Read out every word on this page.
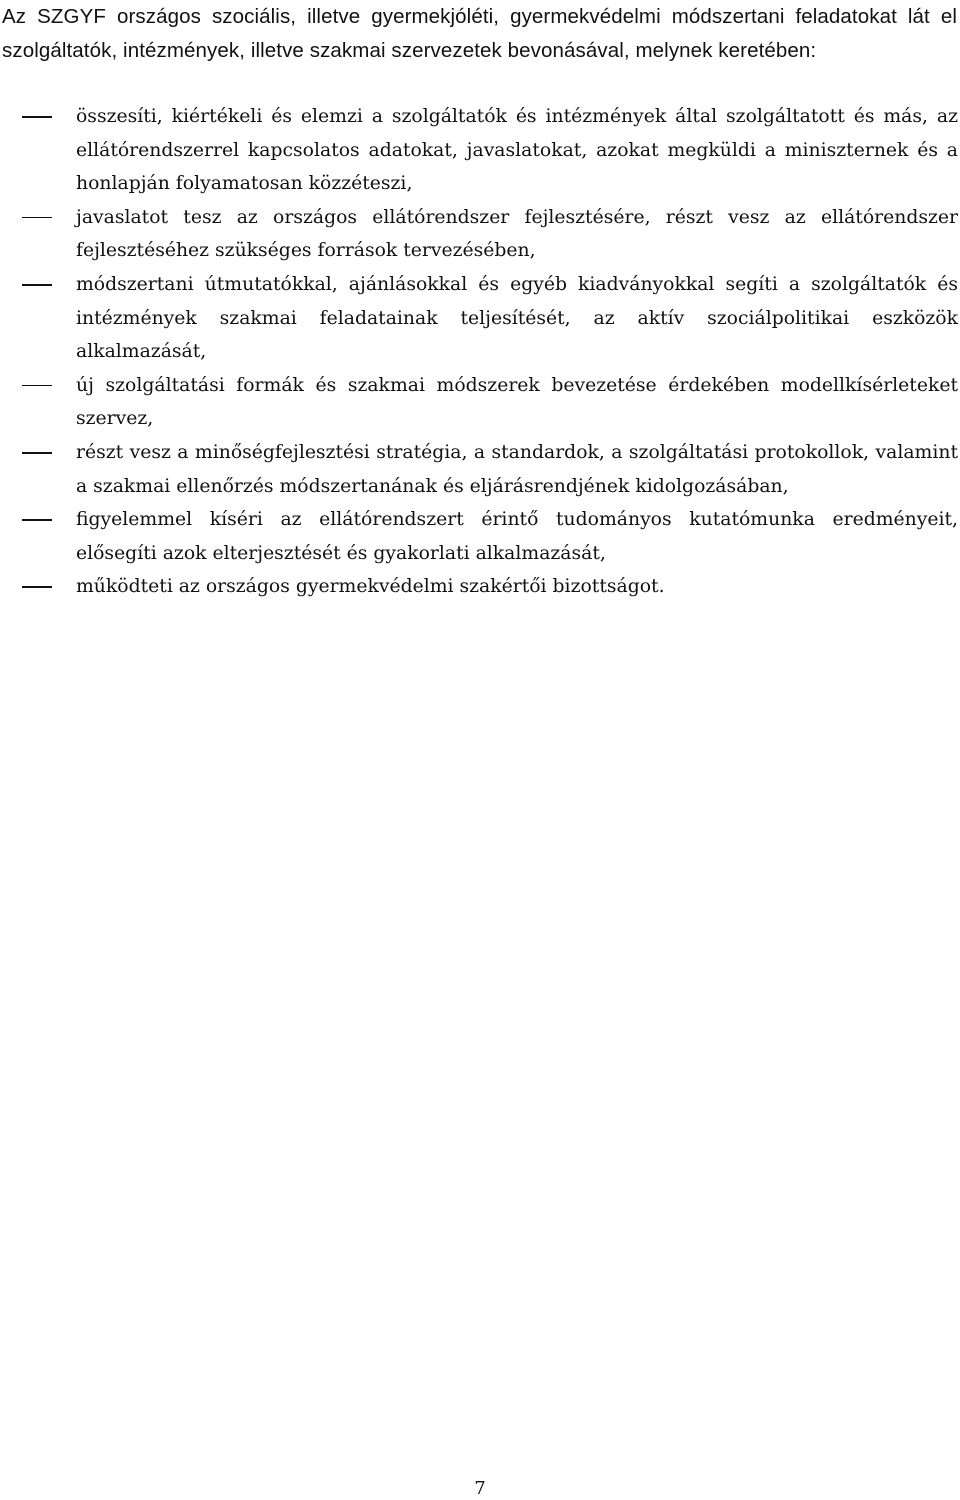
Az SZGYF országos szociális, illetve gyermekjóléti, gyermekvédelmi módszertani feladatokat lát el szolgáltatók, intézmények, illetve szakmai szervezetek bevonásával, melynek keretében:

összesíti, kiértékeli és elemzi a szolgáltatók és intézmények által szolgáltatott és más, az ellátórendszerrel kapcsolatos adatokat, javaslatokat, azokat megküldi a miniszternek és a honlapján folyamatosan közzéteszi,
javaslatot tesz az országos ellátórendszer fejlesztésére, részt vesz az ellátórendszer fejlesztéséhez szükséges források tervezésében,
módszertani útmutatókkal, ajánlásokkal és egyéb kiadványokkal segíti a szolgáltatók és intézmények szakmai feladatainak teljesítését, az aktív szociálpolitikai eszközök alkalmazását,
új szolgáltatási formák és szakmai módszerek bevezetése érdekében modellkísérleteket szervez,
részt vesz a minőségfejlesztési stratégia, a standardok, a szolgáltatási protokollok, valamint a szakmai ellenőrzés módszertanának és eljárásrendjének kidolgozásában,
figyelemmel kíséri az ellátórendszert érintő tudományos kutatómunka eredményeit, elősegíti azok elterjesztését és gyakorlati alkalmazását,
működteti az országos gyermekvédelmi szakértői bizottságot.
7
